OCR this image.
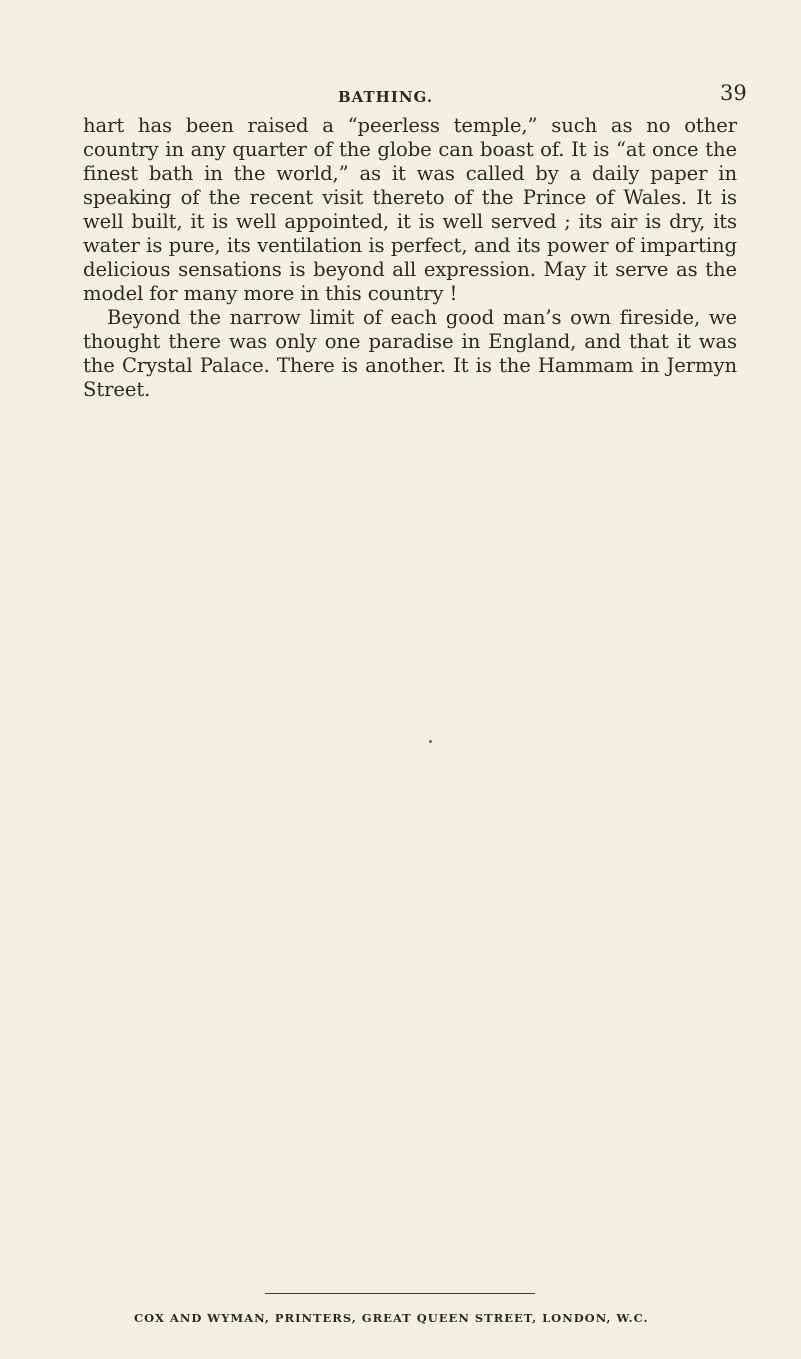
BATHING.	39

hart has been raised a “peerless temple,” such as no other country in any quarter of the globe can boast of. It is “at once the finest bath in the world,” as it was called by a daily paper in speaking of the recent visit thereto of the Prince of Wales. It is well built, it is well appointed, it is well served ; its air is dry, its water is pure, its ventilation is perfect, and its power of imparting delicious sensations is beyond all expression. May it serve as the model for many more in this country !

Beyond the narrow limit of each good man’s own fireside, we thought there was only one paradise in England, and that it was the Crystal Palace. There is another. It is the Hammam in Jermyn Street.

COX AND WYMAN, PRINTERS, GREAT QUEEN STREET, LONDON, W.C.
